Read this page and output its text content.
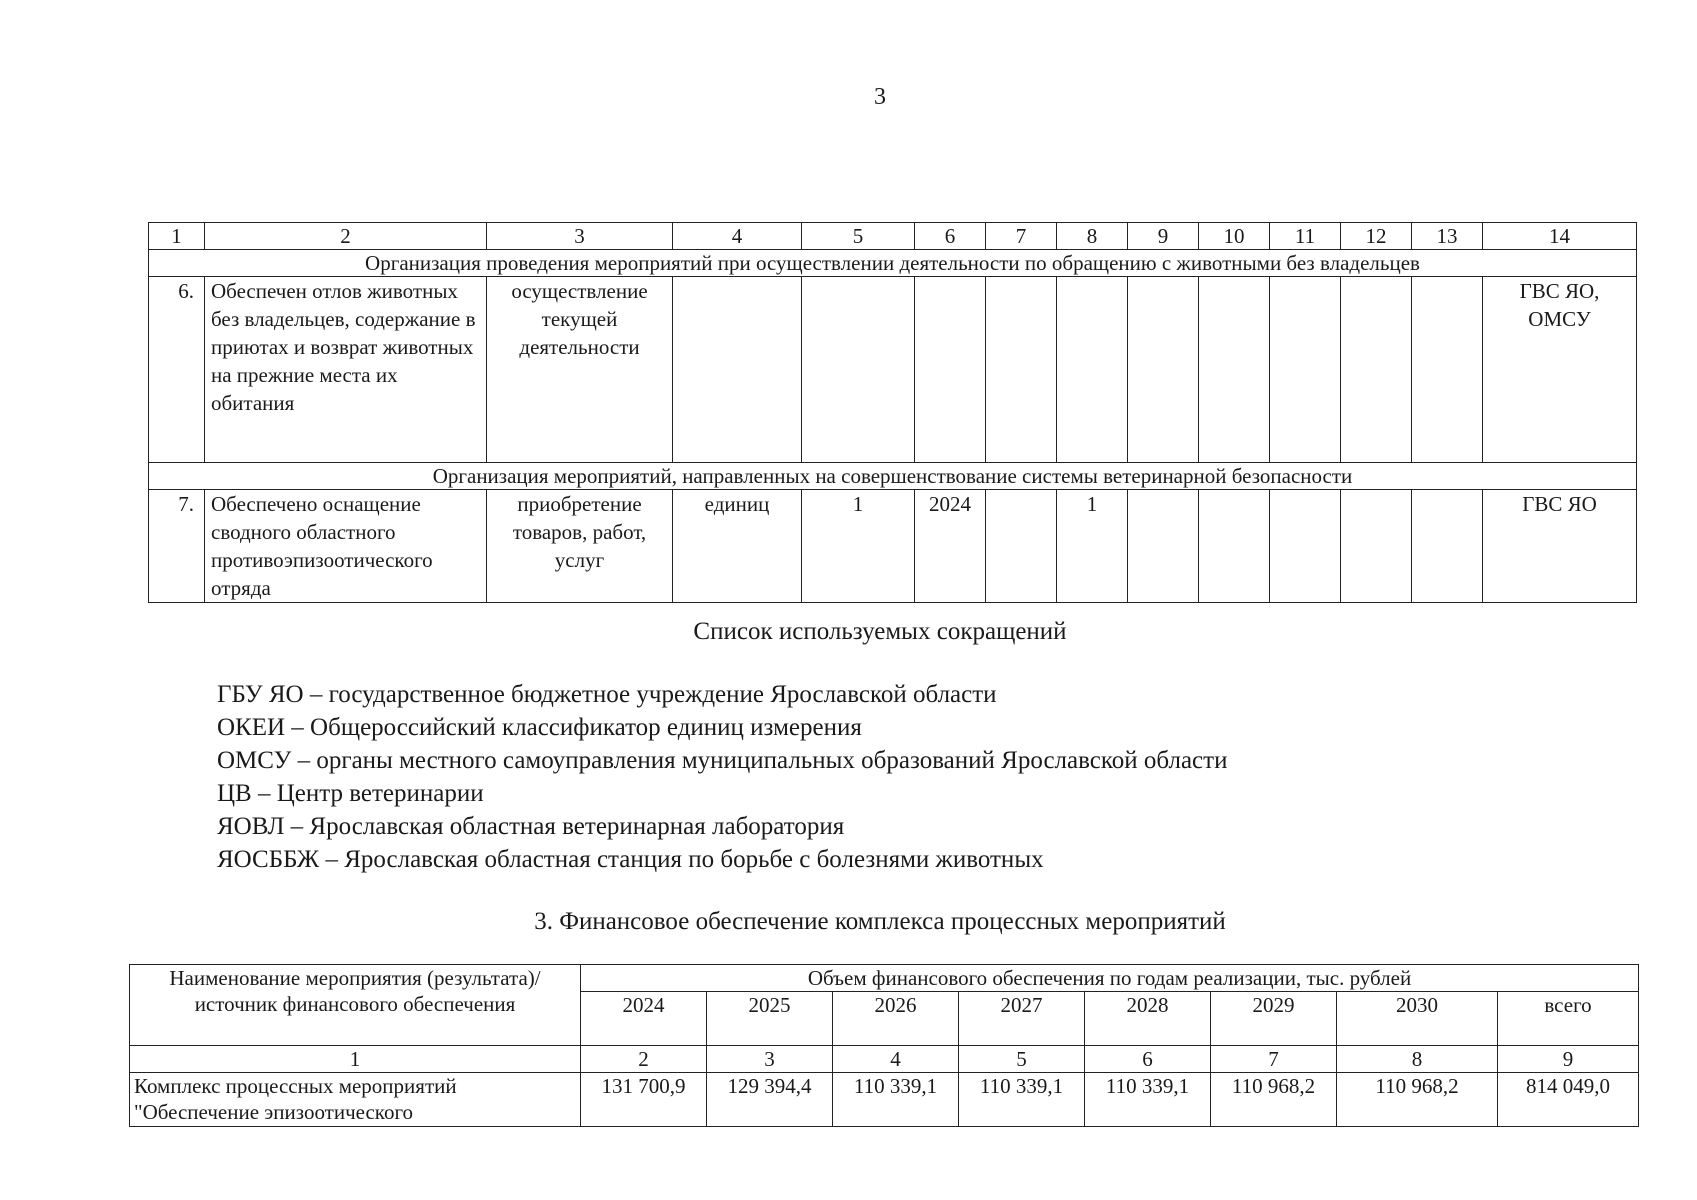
3
1	2	3	4	5	6	7	8	9	10	11	12	13	14
Организация проведения мероприятий при осуществлении деятельности по обращению с животными без владельцев													
6.	Обеспечен отлов животных без владельцев, содержание в приютах и возврат животных на прежние места их обитания	осуществление текущей деятельности											ГВС ЯО, ОМСУ
Организация мероприятий, направленных на совершенствование системы ветеринарной безопасности													
7.	Обеспечено оснащение сводного областного противоэпизоотического отряда	приобретение товаров, работ, услуг	единиц	1	2024		1						ГВС ЯО
Список используемых сокращений
ГБУ ЯО – государственное бюджетное учреждение Ярославской области
ОКЕИ – Общероссийский классификатор единиц измерения
ОМСУ – органы местного самоуправления муниципальных образований Ярославской области
ЦВ – Центр ветеринарии
ЯОВЛ – Ярославская областная ветеринарная лаборатория
ЯОСББЖ – Ярославская областная станция по борьбе с болезнями животных
3. Финансовое обеспечение комплекса процессных мероприятий
Наименование мероприятия (результата)/ источник финансового обеспечения	Объем финансового обеспечения по годам реализации, тыс. рублей							
	2024	2025	2026	2027	2028	2029	2030	всего
1	2	3	4	5	6	7	8	9
Комплекс процессных мероприятий "Обеспечение эпизоотического	131 700,9	129 394,4	110 339,1	110 339,1	110 339,1	110 968,2	110 968,2	814 049,0
